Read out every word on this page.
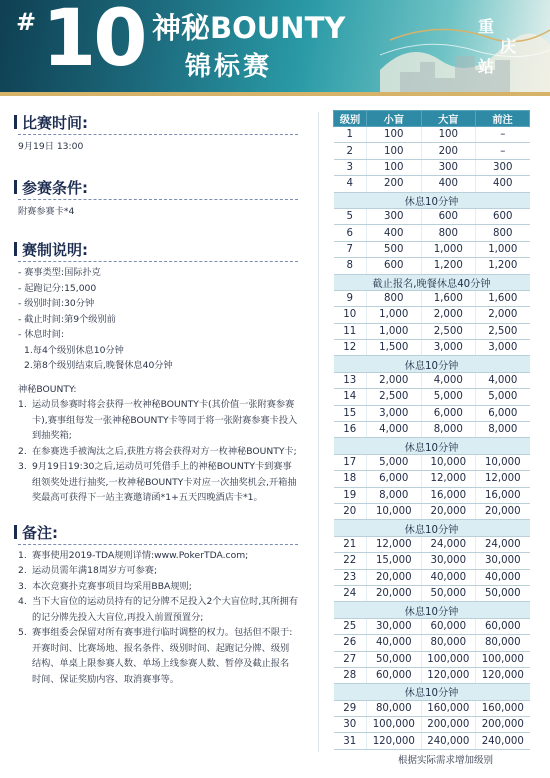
# 10 神秘BOUNTY
锦标赛
重
庆
站
比赛时间:
9月19日 13:00
参赛条件:
附赛参赛卡*4
赛制说明:
- 赛事类型:国际扑克
- 起跑记分:15,000
- 级别时间:30分钟
- 截止时间:第9个级别前
- 休息时间:
1.每4个级别休息10分钟
2.第8个级别结束后,晚餐休息40分钟
神秘BOUNTY:
1. 运动员参赛时将会获得一枚神秘BOUNTY卡(其价值一张附赛参赛卡),赛事组每发一张神秘BOUNTY卡等同于将一张附赛参赛卡投入到抽奖箱;
2. 在参赛选手被淘汰之后,获胜方将会获得对方一枚神秘BOUNTY卡;
3. 9月19日19:30之后,运动员可凭借手上的神秘BOUNTY卡到赛事组领奖处进行抽奖,一枚神秘BOUNTY卡对应一次抽奖机会,开箱抽奖最高可获得下一站主赛邀请函*1+五天四晚酒店卡*1。
备注:
1. 赛事使用2019-TDA规则详情:www.PokerTDA.com;
2. 运动员需年满18周岁方可参赛;
3. 本次竞赛扑克赛事项目均采用BBA规则;
4. 当下大盲位的运动员持有的记分牌不足投入2个大盲位时,其所拥有的记分牌先投入大盲位,再投入前置预置分;
5. 赛事组委会保留对所有赛事进行临时调整的权力。包括但不限于:开赛时间、比赛场地、报名条件、级别时间、起跑记分牌、级别结构、单桌上限参赛人数、单场上线参赛人数、暂停及截止报名时间、保证奖励内容、取消赛事等。
级别	小盲	大盲	前注
1	100	100	–
2	100	200	–
3	100	300	300
4	200	400	400
休息10分钟			
5	300	600	600
6	400	800	800
7	500	1,000	1,000
8	600	1,200	1,200
截止报名,晚餐休息40分钟			
9	800	1,600	1,600
10	1,000	2,000	2,000
11	1,000	2,500	2,500
12	1,500	3,000	3,000
休息10分钟			
13	2,000	4,000	4,000
14	2,500	5,000	5,000
15	3,000	6,000	6,000
16	4,000	8,000	8,000
休息10分钟			
17	5,000	10,000	10,000
18	6,000	12,000	12,000
19	8,000	16,000	16,000
20	10,000	20,000	20,000
休息10分钟			
21	12,000	24,000	24,000
22	15,000	30,000	30,000
23	20,000	40,000	40,000
24	20,000	50,000	50,000
休息10分钟			
25	30,000	60,000	60,000
26	40,000	80,000	80,000
27	50,000	100,000	100,000
28	60,000	120,000	120,000
休息10分钟			
29	80,000	160,000	160,000
30	100,000	200,000	200,000
31	120,000	240,000	240,000
根据实际需求增加级别
